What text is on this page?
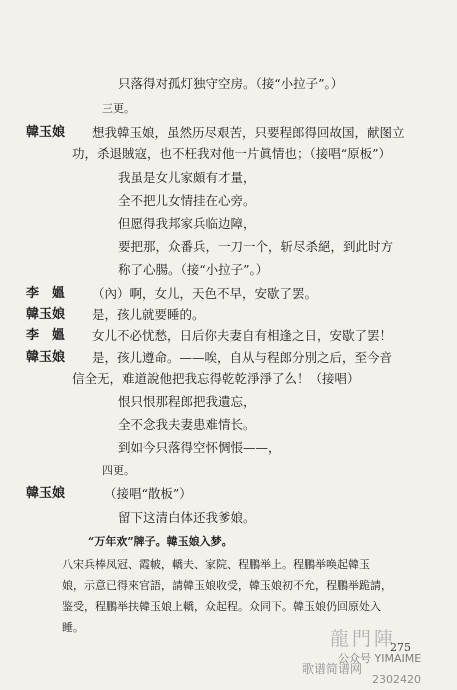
只落得对孤灯独守空房。（接“小拉子”。）
三更。
韓玉娘 想我韓玉娘，虽然历尽艰苦，只要程郎得回故国，献图立
功，杀退賊寇，也不枉我对他一片眞情也；（接唱“原板”）
我虽是女儿家頗有才量，
全不把儿女情挂在心旁。
但愿得我邦家兵临边障，
要把那，众番兵，一刀一个，斩尽杀絕，到此时方
称了心腸。（接“小拉子”。）
李　媼 （內）啊，女儿，天色不早，安歇了罢。
韓玉娘 是，孩儿就要睡的。
李　媼 女儿不必忧愁，日后你夫妻自有相逢之日，安歇了罢！
韓玉娘 是，孩儿遵命。——唉，自从与程郎分別之后，至今音
信全无，难道說他把我忘得乾乾淨淨了么！（接唱）
恨只恨那程郎把我遺忘，
全不念我夫妻患难情长。
到如今只落得空怀惆悵——，
四更。
韓玉娘	（接唱“散板”）
留下这清白体还我爹娘。
“万年欢”牌子。韓玉娘入梦。
八宋兵棒凤冠、霞帔，轎夫、家院、程鵬举上。程鵬举唤起韓玉
娘，示意已得來官語，請韓玉娘收受，韓玉娘初不允，程鵬举跪請，
鉴受，程鵬举扶韓玉娘上轎，众起程。众同下。韓玉娘仍回原处入
睡。
275
龍門陣
歌谱简谱网
公众号 YIMAIME
2302420
